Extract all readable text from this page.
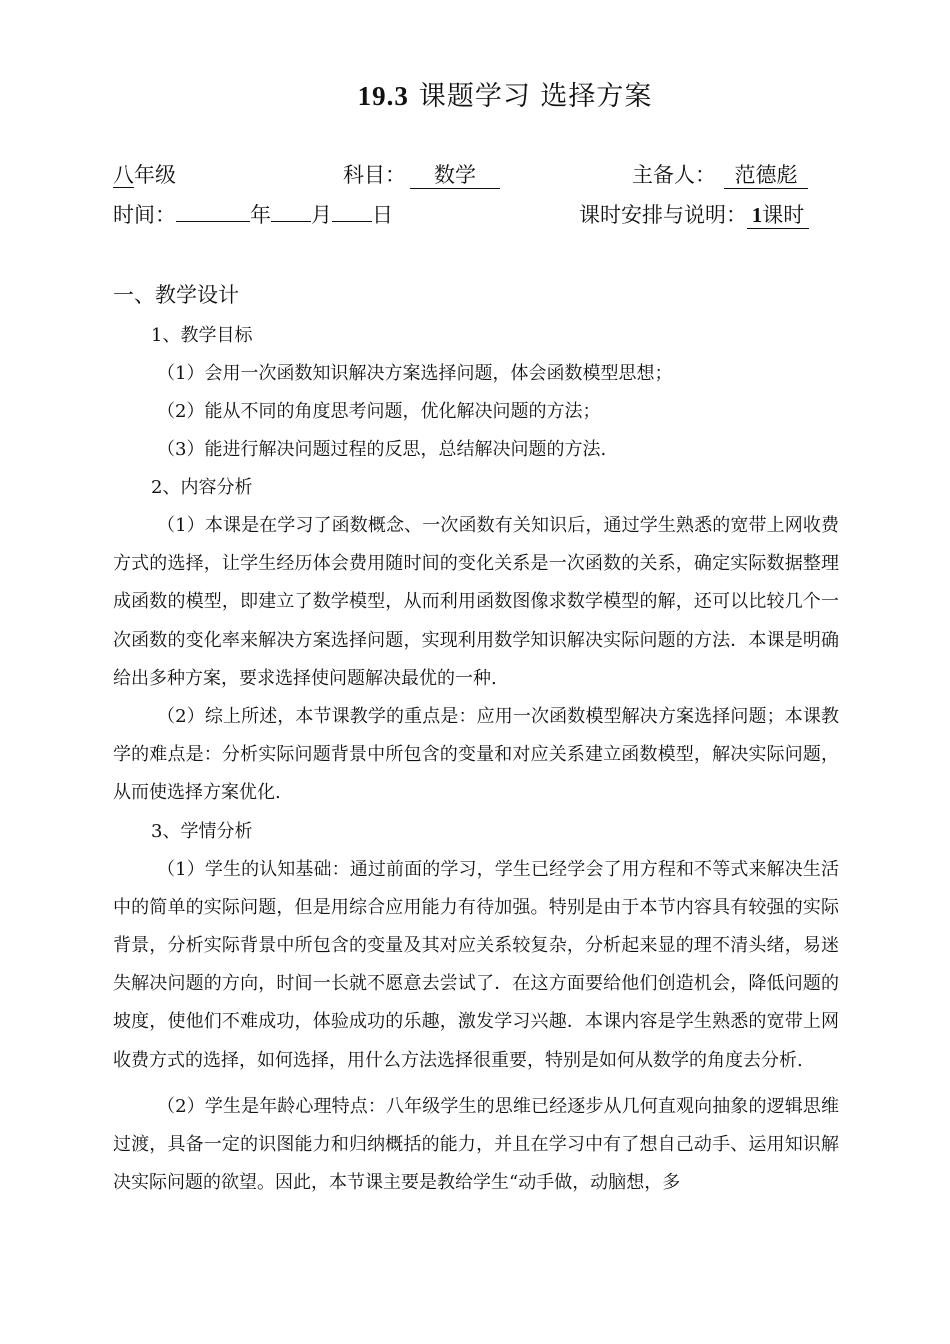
19.3 课题学习 选择方案
八年级	科目： 数学	主备人： 范德彪
时间：	年 月 日	课时安排与说明： 1课时
一、教学设计
1、教学目标
（1）会用一次函数知识解决方案选择问题，体会函数模型思想；
（2）能从不同的角度思考问题，优化解决问题的方法；
（3）能进行解决问题过程的反思，总结解决问题的方法.
2、内容分析

（1）本课是在学习了函数概念、一次函数有关知识后，通过学生熟悉的宽带上网收费方式的选择，让学生经历体会费用随时间的变化关系是一次函数的关系，确定实际数据整理成函数的模型，即建立了数学模型，从而利用函数图像求数学模型的解，还可以比较几个一次函数的变化率来解决方案选择问题，实现利用数学知识解决实际问题的方法．本课是明确给出多种方案，要求选择使问题解决最优的一种.

（2）综上所述，本节课教学的重点是：应用一次函数模型解决方案选择问题；本课教学的难点是：分析实际问题背景中所包含的变量和对应关系建立函数模型，解决实际问题，从而使选择方案优化.

3、学情分析

（1）学生的认知基础：通过前面的学习，学生已经学会了用方程和不等式来解决生活中的简单的实际问题，但是用综合应用能力有待加强。特别是由于本节内容具有较强的实际背景，分析实际背景中所包含的变量及其对应关系较复杂，分析起来显的理不清头绪，易迷失解决问题的方向，时间一长就不愿意去尝试了．在这方面要给他们创造机会，降低问题的坡度，使他们不难成功，体验成功的乐趣，激发学习兴趣．本课内容是学生熟悉的宽带上网收费方式的选择，如何选择，用什么方法选择很重要，特别是如何从数学的角度去分析.

（2）学生是年龄心理特点：八年级学生的思维已经逐步从几何直观向抽象的逻辑思维过渡，具备一定的识图能力和归纳概括的能力，并且在学习中有了想自己动手、运用知识解决实际问题的欲望。因此，本节课主要是教给学生“动手做，动脑想，多
